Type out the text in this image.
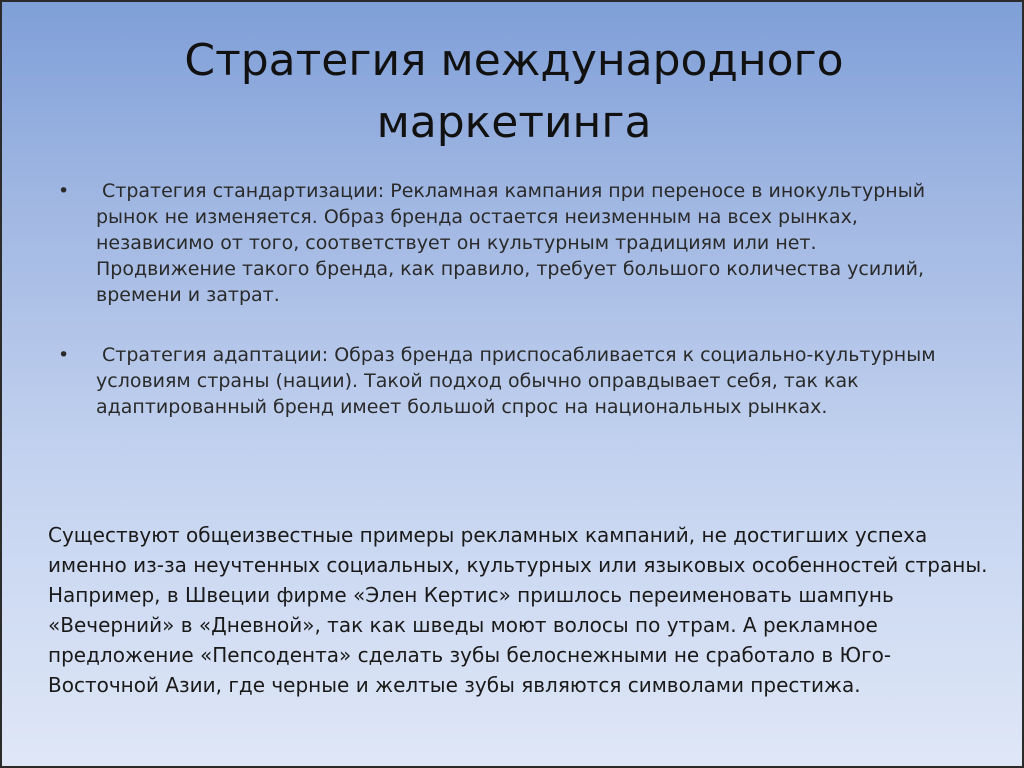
Стратегия международного маркетинга
•	Стратегия стандартизации: Рекламная кампания при переносе в инокультурный рынок не изменяется. Образ бренда остается неизменным на всех рынках, независимо от того, соответствует он культурным традициям или нет. Продвижение такого бренда, как правило, требует большого количества усилий, времени и затрат.
•	Стратегия адаптации: Образ бренда приспосабливается к социально-культурным условиям страны (нации). Такой подход обычно оправдывает себя, так как адаптированный бренд имеет большой спрос на национальных рынках.

Существуют общеизвестные примеры рекламных кампаний, не достигших успеха именно из-за неучтенных социальных, культурных или языковых особенностей страны. Например, в Швеции фирме «Элен Кертис» пришлось переименовать шампунь «Вечерний» в «Дневной», так как шведы моют волосы по утрам. А рекламное предложение «Пепсодента» сделать зубы белоснежными не сработало в Юго-Восточной Азии, где черные и желтые зубы являются символами престижа.
